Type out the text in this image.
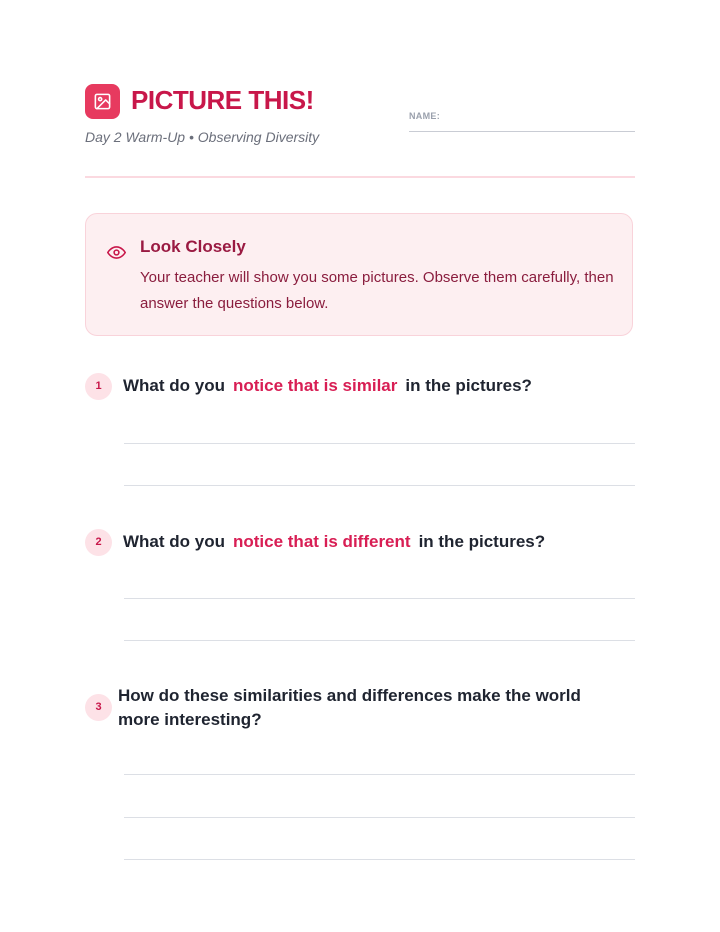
PICTURE THIS!
Day 2 Warm-Up • Observing Diversity
NAME:
Look Closely
Your teacher will show you some pictures. Observe them carefully, then answer the questions below.
1	What do you notice that is similar in the pictures?
2	What do you notice that is different in the pictures?
3
How do these similarities and differences make the world more interesting?
